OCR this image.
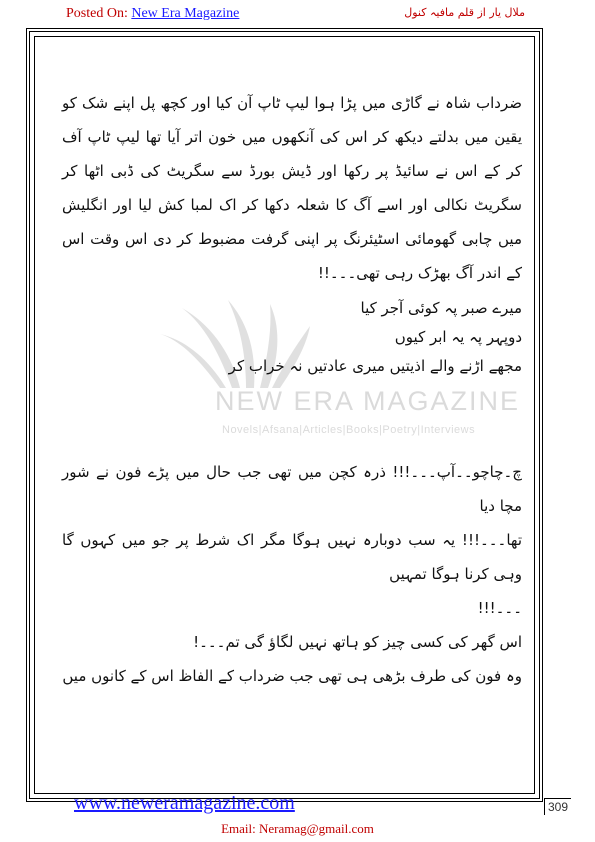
Posted On: New Era Magazine	ملال یار از قلم مافیہ کنول
NEW ERA MAGAZINE
Novels|Afsana|Articles|Books|Poetry|Interviews

ضرداب شاہ نے گاڑی میں پڑا ہوا لیپ ٹاپ آن کیا اور کچھ پل اپنے شک کو یقین میں بدلتے دیکھ کر اس کی آنکھوں میں خون اتر آیا تھا لیپ ٹاپ آف کر کے اس نے سائیڈ پر رکھا اور ڈیش بورڈ سے سگریٹ کی ڈبی اٹھا کر سگریٹ نکالی اور اسے آگ کا شعلہ دکھا کر اک لمبا کش لیا اور انگلیش میں چابی گھومائی اسٹیئرنگ پر اپنی گرفت مضبوط کر دی اس وقت اس کے اندر آگ بھڑک رہی تھی۔۔۔!!

میرے صبر پہ کوئی آجر کیا
دوپہر پہ یہ ابر کیوں
مجھے اڑنے والے اذیتیں میری عادتیں نہ خراب کر
چ۔چاچو۔۔آپ۔۔۔!!! ذرہ کچن میں تھی جب حال میں پڑے فون نے شور مچا دیا
تھا۔۔۔!!! یہ سب دوبارہ نہیں ہوگا مگر اک شرط پر جو میں کہوں گا وہی کرنا ہوگا تمہیں
۔۔۔!!!
اس گھر کی کسی چیز کو ہاتھ نہیں لگاؤ گی تم۔۔۔!
وہ فون کی طرف بڑھی ہی تھی جب ضرداب کے الفاظ اس کے کانوں میں
www.neweramagazine.com	309
Email: Neramag@gmail.com
